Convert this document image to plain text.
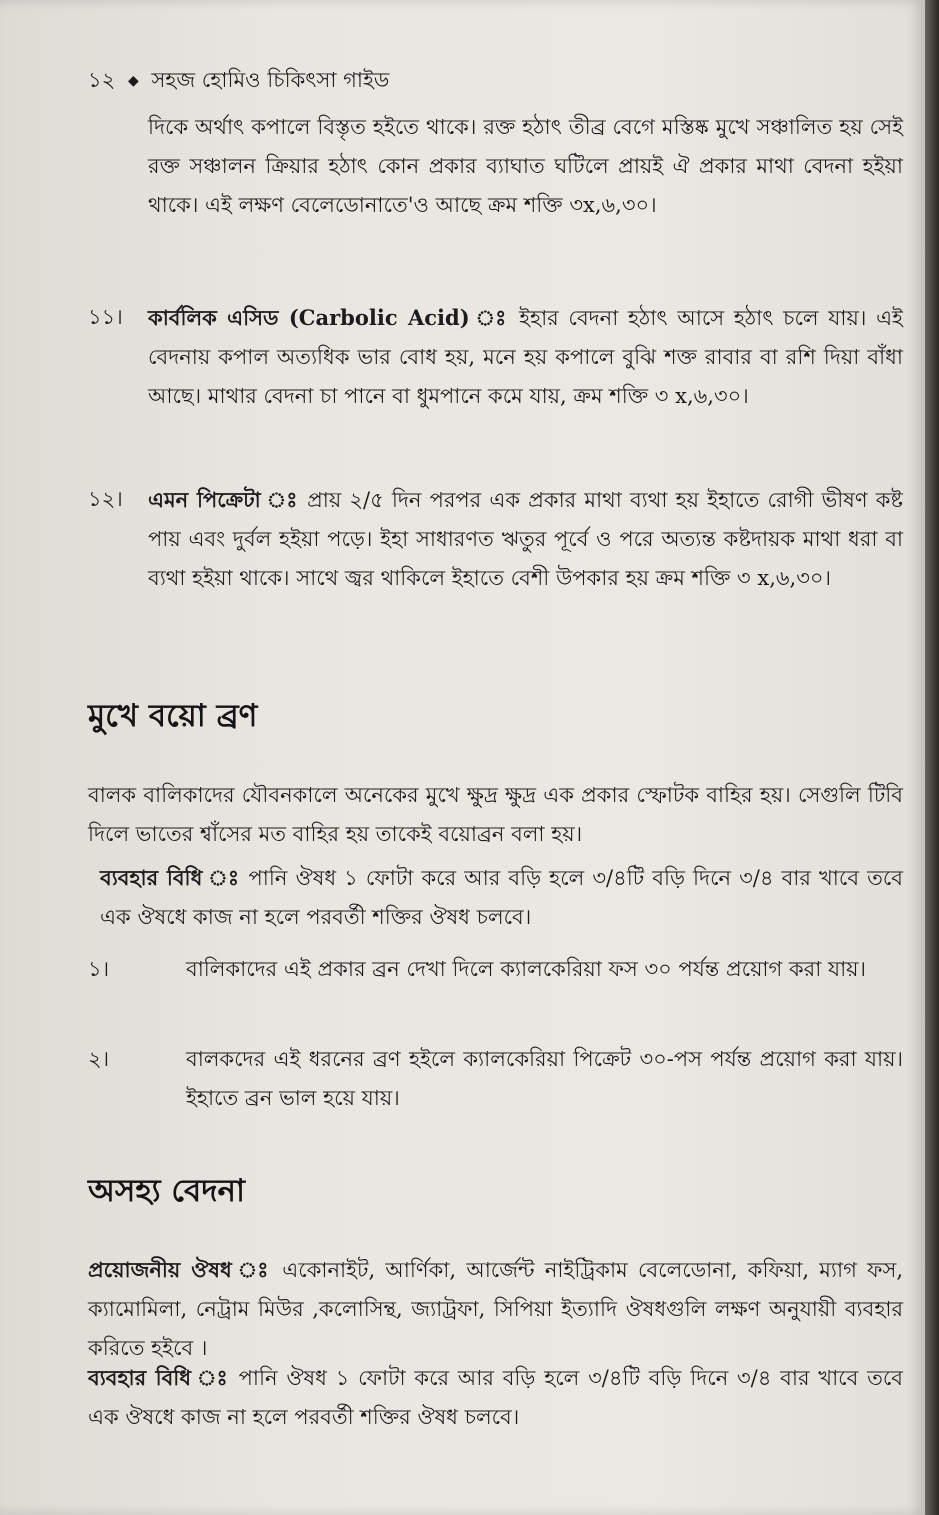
১২ ◆ সহজ হোমিও চিকিৎসা গাইড

দিকে অর্থাৎ কপালে বিস্তৃত হইতে থাকে। রক্ত হঠাৎ তীব্র বেগে মস্তিষ্ক মুখে সঞ্চালিত হয় সেই রক্ত সঞ্চালন ক্রিয়ার হঠাৎ কোন প্রকার ব্যাঘাত ঘটিলে প্রায়ই ঐ প্রকার মাথা বেদনা হইয়া থাকে। এই লক্ষণ বেলেডোনাতে'ও আছে ক্রম শক্তি ৩x,৬,৩০।

১১।	কার্বলিক এসিড (Carbolic Acid) ঃ ইহার বেদনা হঠাৎ আসে হঠাৎ চলে যায়। এই বেদনায় কপাল অত্যধিক ভার বোধ হয়, মনে হয় কপালে বুঝি শক্ত রাবার বা রশি দিয়া বাঁধা আছে। মাথার বেদনা চা পানে বা ধুমপানে কমে যায়, ক্রম শক্তি ৩ x,৬,৩০।
১২।	এমন পিক্রেটা ঃ প্রায় ২/৫ দিন পরপর এক প্রকার মাথা ব্যথা হয় ইহাতে রোগী ভীষণ কষ্ট পায় এবং দুর্বল হইয়া পড়ে। ইহা সাধারণত ঋতুর পূর্বে ও পরে অত্যন্ত কষ্টদায়ক মাথা ধরা বা ব্যথা হইয়া থাকে। সাথে জ্বর থাকিলে ইহাতে বেশী উপকার হয় ক্রম শক্তি ৩ x,৬,৩০।
মুখে বয়ো ব্রণ

বালক বালিকাদের যৌবনকালে অনেকের মুখে ক্ষুদ্র ক্ষুদ্র এক প্রকার স্ফোটক বাহির হয়। সেগুলি টিবি দিলে ভাতের শ্বাঁসের মত বাহির হয় তাকেই বয়োব্রন বলা হয়।

ব্যবহার বিধি ঃ পানি ঔষধ ১ ফোটা করে আর বড়ি হলে ৩/৪টি বড়ি দিনে ৩/৪ বার খাবে তবে এক ঔষধে কাজ না হলে পরবর্তী শক্তির ঔষধ চলবে।

১।	বালিকাদের এই প্রকার ব্রন দেখা দিলে ক্যালকেরিয়া ফস ৩০ পর্যন্ত প্রয়োগ করা যায়।
২।	বালকদের এই ধরনের ব্রণ হইলে ক্যালকেরিয়া পিক্রেট ৩০-পস পর্যন্ত প্রয়োগ করা যায়। ইহাতে ব্রন ভাল হয়ে যায়।
অসহ্য বেদনা

প্রয়োজনীয় ঔষধ ঃ একোনাইট, আর্ণিকা, আর্জেন্ট নাইট্রিকাম বেলেডোনা, কফিয়া, ম্যাগ ফস, ক্যামোমিলা, নেট্রাম মিউর ,কলোসিন্থ, জ্যাট্রফা, সিপিয়া ইত্যাদি ঔষধগুলি লক্ষণ অনুযায়ী ব্যবহার করিতে হইবে ।

ব্যবহার বিধি ঃ পানি ঔষধ ১ ফোটা করে আর বড়ি হলে ৩/৪টি বড়ি দিনে ৩/৪ বার খাবে তবে এক ঔষধে কাজ না হলে পরবর্তী শক্তির ঔষধ চলবে।
